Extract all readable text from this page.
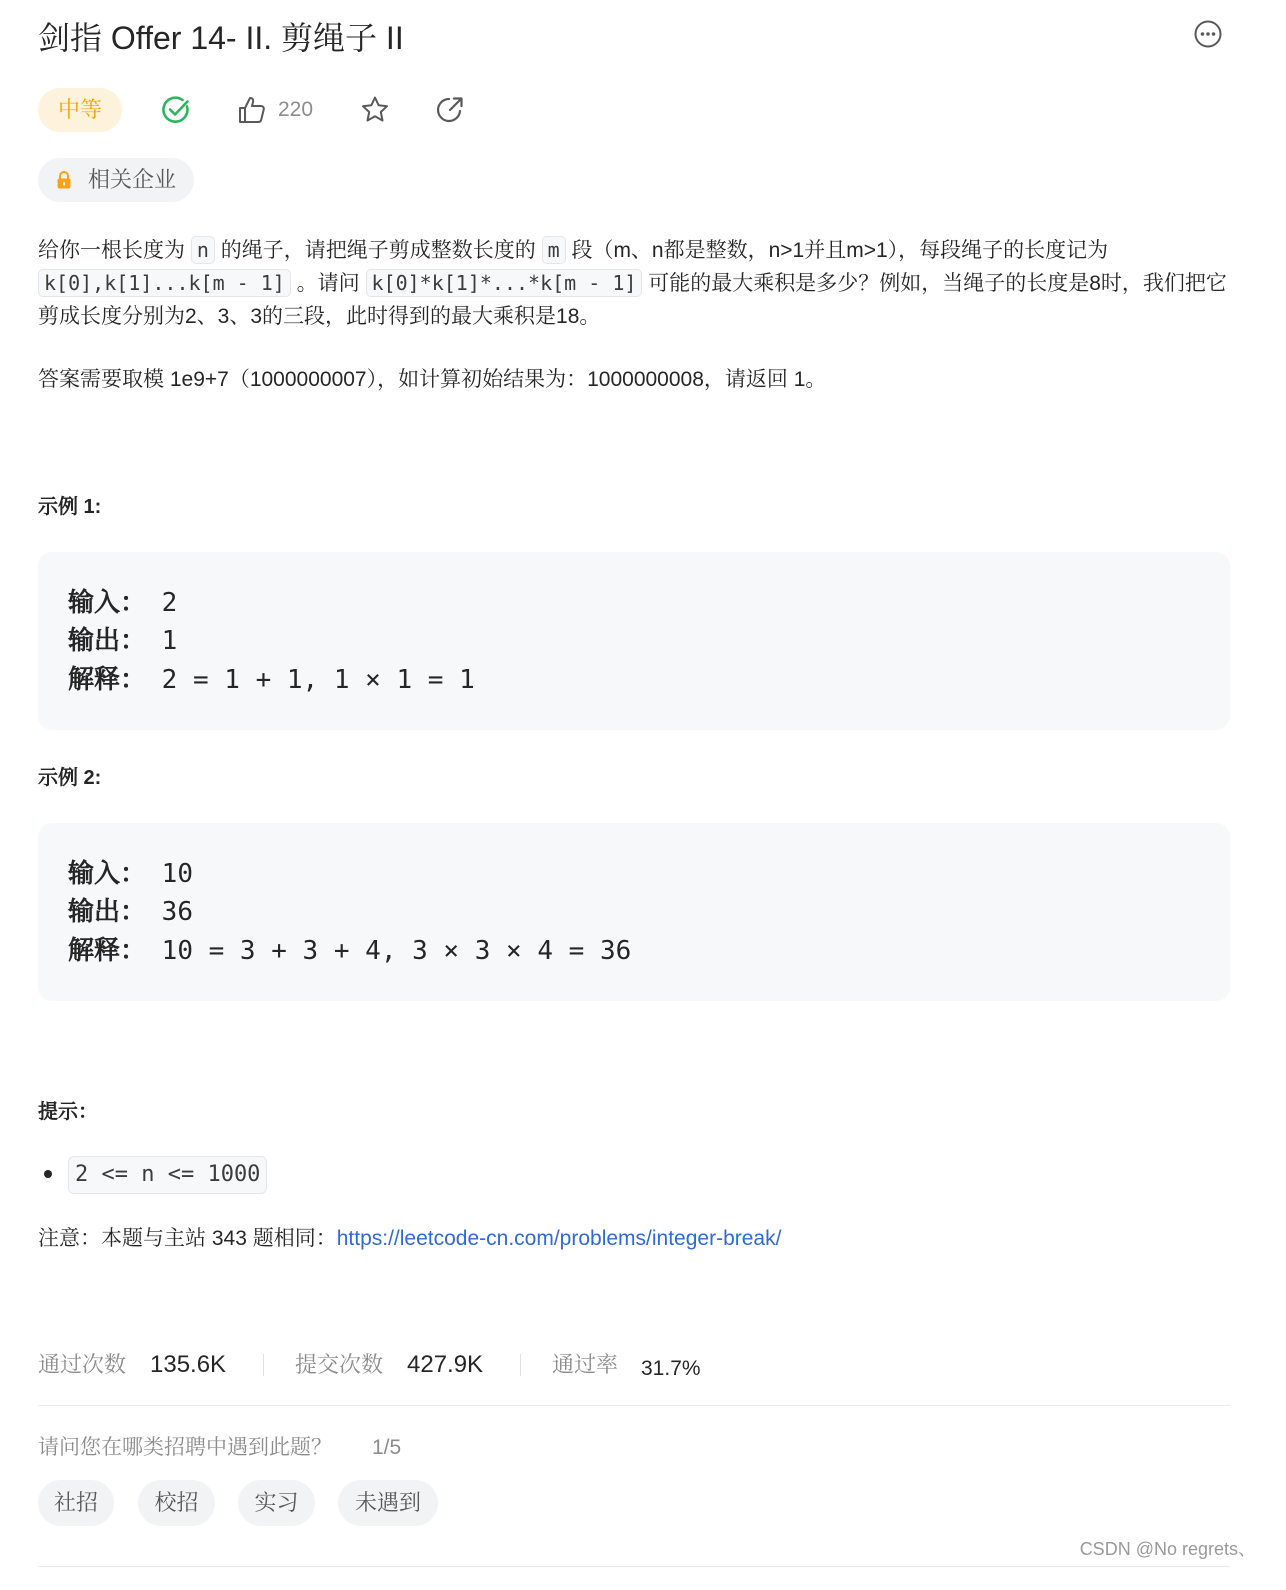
剑指 Offer 14- II. 剪绳子 II
中等	220
相关企业

给你一根长度为 n 的绳子，请把绳子剪成整数长度的 m 段（m、n都是整数，n>1并且m>1），每段绳子的长度记为 k[0],k[1]...k[m - 1] 。请问 k[0]*k[1]*...*k[m - 1] 可能的最大乘积是多少？例如，当绳子的长度是8时，我们把它剪成长度分别为2、3、3的三段，此时得到的最大乘积是18。

答案需要取模 1e9+7（1000000007），如计算初始结果为：1000000008，请返回 1。

示例 1:
输入： 2
输出： 1
解释： 2 = 1 + 1, 1 × 1 = 1
示例 2:
输入： 10
输出： 36
解释： 10 = 3 + 3 + 4, 3 × 3 × 4 = 36
提示：
2 <= n <= 1000
注意：本题与主站 343 题相同：https://leetcode-cn.com/problems/integer-break/
通过次数 135.6K	提交次数 427.9K	通过率 31.7%
请问您在哪类招聘中遇到此题？ 1/5
社招	校招	实习	未遇到
CSDN @No regrets、
